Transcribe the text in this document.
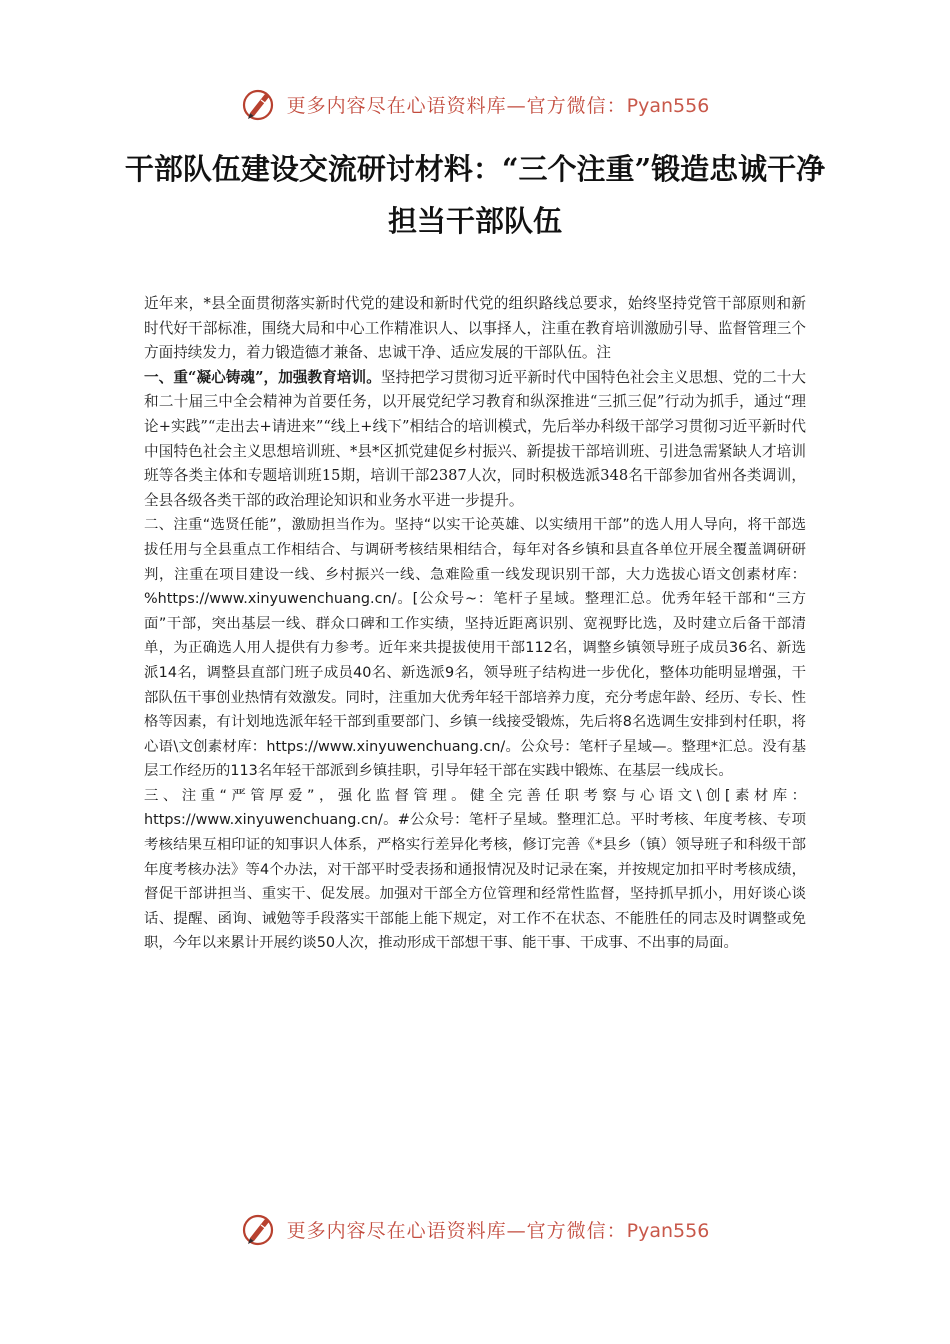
更多内容尽在心语资料库—官方微信：Pyan556
干部队伍建设交流研讨材料：“三个注重”锻造忠诚干净担当干部队伍

近年来，*县全面贯彻落实新时代党的建设和新时代党的组织路线总要求，始终坚持党管干部原则和新时代好干部标准，围绕大局和中心工作精准识人、以事择人，注重在教育培训激励引导、监督管理三个方面持续发力，着力锻造德才兼备、忠诚干净、适应发展的干部队伍。注

一、重“凝心铸魂”，加强教育培训。坚持把学习贯彻习近平新时代中国特色社会主义思想、党的二十大和二十届三中全会精神为首要任务，以开展党纪学习教育和纵深推进“三抓三促”行动为抓手，通过“理论+实践”“走出去+请进来”“线上+线下”相结合的培训模式，先后举办科级干部学习贯彻习近平新时代中国特色社会主义思想培训班、*县*区抓党建促乡村振兴、新提拔干部培训班、引进急需紧缺人才培训班等各类主体和专题培训班15期，培训干部2387人次，同时积极选派348名干部参加省州各类调训，全县各级各类干部的政治理论知识和业务水平进一步提升。

二、注重“选贤任能”，激励担当作为。坚持“以实干论英雄、以实绩用干部”的选人用人导向，将干部选拔任用与全县重点工作相结合、与调研考核结果相结合，每年对各乡镇和县直各单位开展全覆盖调研研判，注重在项目建设一线、乡村振兴一线、急难险重一线发现识别干部，大力选拔心语文创素材库：%https://www.xinyuwenchuang.cn/。[公众号~：笔杆子星域。整理汇总。优秀年轻干部和“三方面”干部，突出基层一线、群众口碑和工作实绩，坚持近距离识别、宽视野比选，及时建立后备干部清单，为正确选人用人提供有力参考。近年来共提拔使用干部112名，调整乡镇领导班子成员36名、新选派14名，调整县直部门班子成员40名、新选派9名，领导班子结构进一步优化，整体功能明显增强，干部队伍干事创业热情有效激发。同时，注重加大优秀年轻干部培养力度，充分考虑年龄、经历、专长、性格等因素，有计划地选派年轻干部到重要部门、乡镇一线接受锻炼，先后将8名选调生安排到村任职，将心语\文创素材库：https://www.xinyuwenchuang.cn/。公众号：笔杆子星域—。整理*汇总。没有基层工作经历的113名年轻干部派到乡镇挂职，引导年轻干部在实践中锻炼、在基层一线成长。

三、注重“严管厚爱”，强化监督管理。健全完善任职考察与心语文\创[素材库：https://www.xinyuwenchuang.cn/。#公众号：笔杆子星域。整理汇总。平时考核、年度考核、专项考核结果互相印证的知事识人体系，严格实行差异化考核，修订完善《*县乡（镇）领导班子和科级干部年度考核办法》等4个办法，对干部平时受表扬和通报情况及时记录在案，并按规定加扣平时考核成绩，督促干部讲担当、重实干、促发展。加强对干部全方位管理和经常性监督，坚持抓早抓小，用好谈心谈话、提醒、函询、诫勉等手段落实干部能上能下规定，对工作不在状态、不能胜任的同志及时调整或免职，今年以来累计开展约谈50人次，推动形成干部想干事、能干事、干成事、不出事的局面。

更多内容尽在心语资料库—官方微信：Pyan556
